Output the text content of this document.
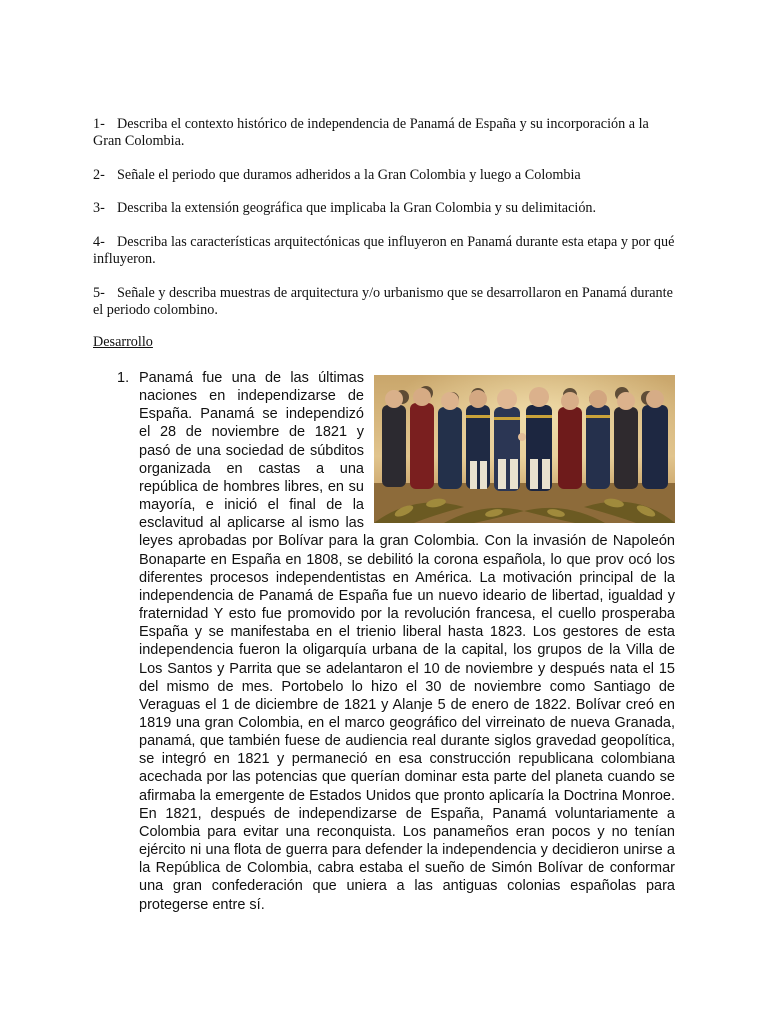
1- Describa el contexto histórico de independencia de Panamá de España y su incorporación a la Gran Colombia.

2- Señale el periodo que duramos adheridos a la Gran Colombia y luego a Colombia

3- Describa la extensión geográfica que implicaba la Gran Colombia y su delimitación.

4- Describa las características arquitectónicas que influyeron en Panamá durante esta etapa y por qué influyeron.

5- Señale y describa muestras de arquitectura y/o urbanismo que se desarrollaron en Panamá durante el periodo colombino.

Desarrollo

1. Panamá fue una de las últimas naciones en independizarse de España. Panamá se independizó el 28 de noviembre de 1821 y pasó de una sociedad de súbditos organizada en castas a una república de hombres libres, en su mayoría, e inició el final de la esclavitud al aplicarse al ismo las leyes aprobadas por Bolívar para la gran Colombia. Con la invasión de Napoleón Bonaparte en España en 1808, se debilitó la corona española, lo que prov ocó los diferentes procesos independentistas en América. La motivación principal de la independencia de Panamá de España fue un nuevo ideario de libertad, igualdad y fraternidad Y esto fue promovido por la revolución francesa, el cuello prosperaba España y se manifestaba en el trienio liberal hasta 1823. Los gestores de esta independencia fueron la oligarquía urbana de la capital, los grupos de la Villa de Los Santos y Parrita que se adelantaron el 10 de noviembre y después nata el 15 del mismo de mes. Portobelo lo hizo el 30 de noviembre como Santiago de Veraguas el 1 de diciembre de 1821 y Alanje 5 de enero de 1822. Bolívar creó en 1819 una gran Colombia, en el marco geográfico del virreinato de nueva Granada, panamá, que también fuese de audiencia real durante siglos gravedad geopolítica, se integró en 1821 y permaneció en esa construcción republicana colombiana acechada por las potencias que querían dominar esta parte del planeta cuando se afirmaba la emergente de Estados Unidos que pronto aplicaría la Doctrina Monroe. En 1821, después de independizarse de España, Panamá voluntariamente a Colombia para evitar una reconquista. Los panameños eran pocos y no tenían ejército ni una flota de guerra para defender la independencia y decidieron unirse a la República de Colombia, cabra estaba el sueño de Simón Bolívar de conformar una gran confederación que uniera a las antiguas colonias españolas para protegerse entre sí.
